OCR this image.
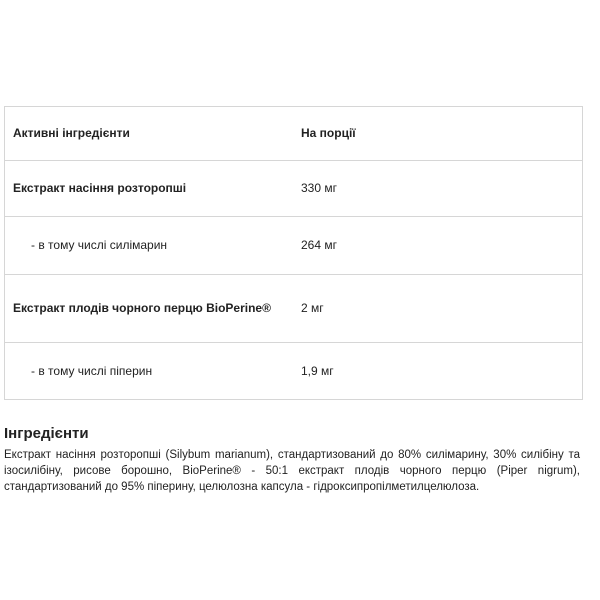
Активні інгредієнти	На порції
Екстракт насіння розторопші	330 мг
- в тому числі силімарин	264 мг
Екстракт плодів чорного перцю BioPerine®	2 мг
- в тому числі піперин	1,9 мг
Інгредієнти

Екстракт насіння розторопші (Silybum marianum), стандартизований до 80% силімарину, 30% силібіну та ізосилібіну, рисове борошно, BioPerine® - 50:1 екстракт плодів чорного перцю (Piper nigrum), стандартизований до 95% піперину, целюлозна капсула - гідроксипропілметилцелюлоза.
